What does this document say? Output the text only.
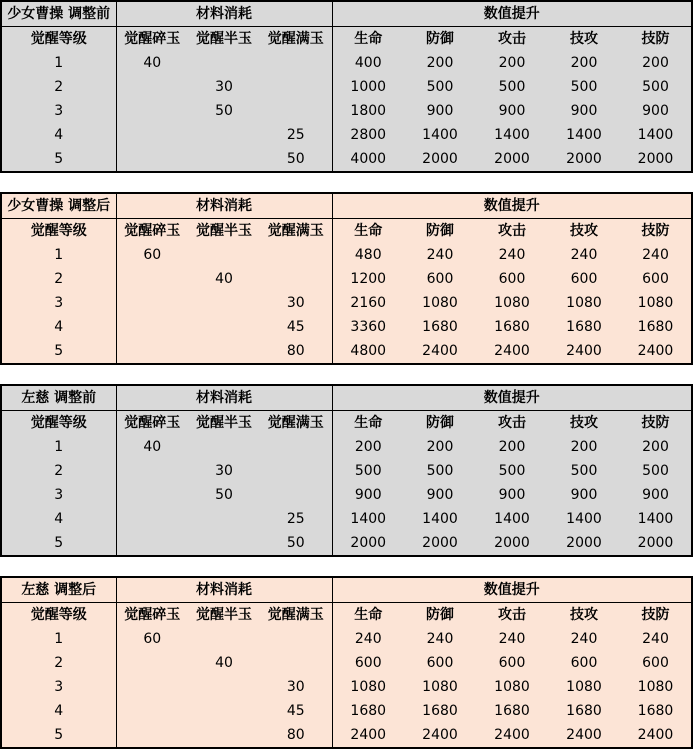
少女曹操 调整前	材料消耗			数值提升				
觉醒等级	觉醒碎玉	觉醒半玉	觉醒满玉	生命	防御	攻击	技攻	技防
1	40			400	200	200	200	200
2		30		1000	500	500	500	500
3		50		1800	900	900	900	900
4			25	2800	1400	1400	1400	1400
5			50	4000	2000	2000	2000	2000
少女曹操 调整后	材料消耗			数值提升				
觉醒等级	觉醒碎玉	觉醒半玉	觉醒满玉	生命	防御	攻击	技攻	技防
1	60			480	240	240	240	240
2		40		1200	600	600	600	600
3			30	2160	1080	1080	1080	1080
4			45	3360	1680	1680	1680	1680
5			80	4800	2400	2400	2400	2400
左慈 调整前	材料消耗			数值提升				
觉醒等级	觉醒碎玉	觉醒半玉	觉醒满玉	生命	防御	攻击	技攻	技防
1	40			200	200	200	200	200
2		30		500	500	500	500	500
3		50		900	900	900	900	900
4			25	1400	1400	1400	1400	1400
5			50	2000	2000	2000	2000	2000
左慈 调整后	材料消耗			数值提升				
觉醒等级	觉醒碎玉	觉醒半玉	觉醒满玉	生命	防御	攻击	技攻	技防
1	60			240	240	240	240	240
2		40		600	600	600	600	600
3			30	1080	1080	1080	1080	1080
4			45	1680	1680	1680	1680	1680
5			80	2400	2400	2400	2400	2400
